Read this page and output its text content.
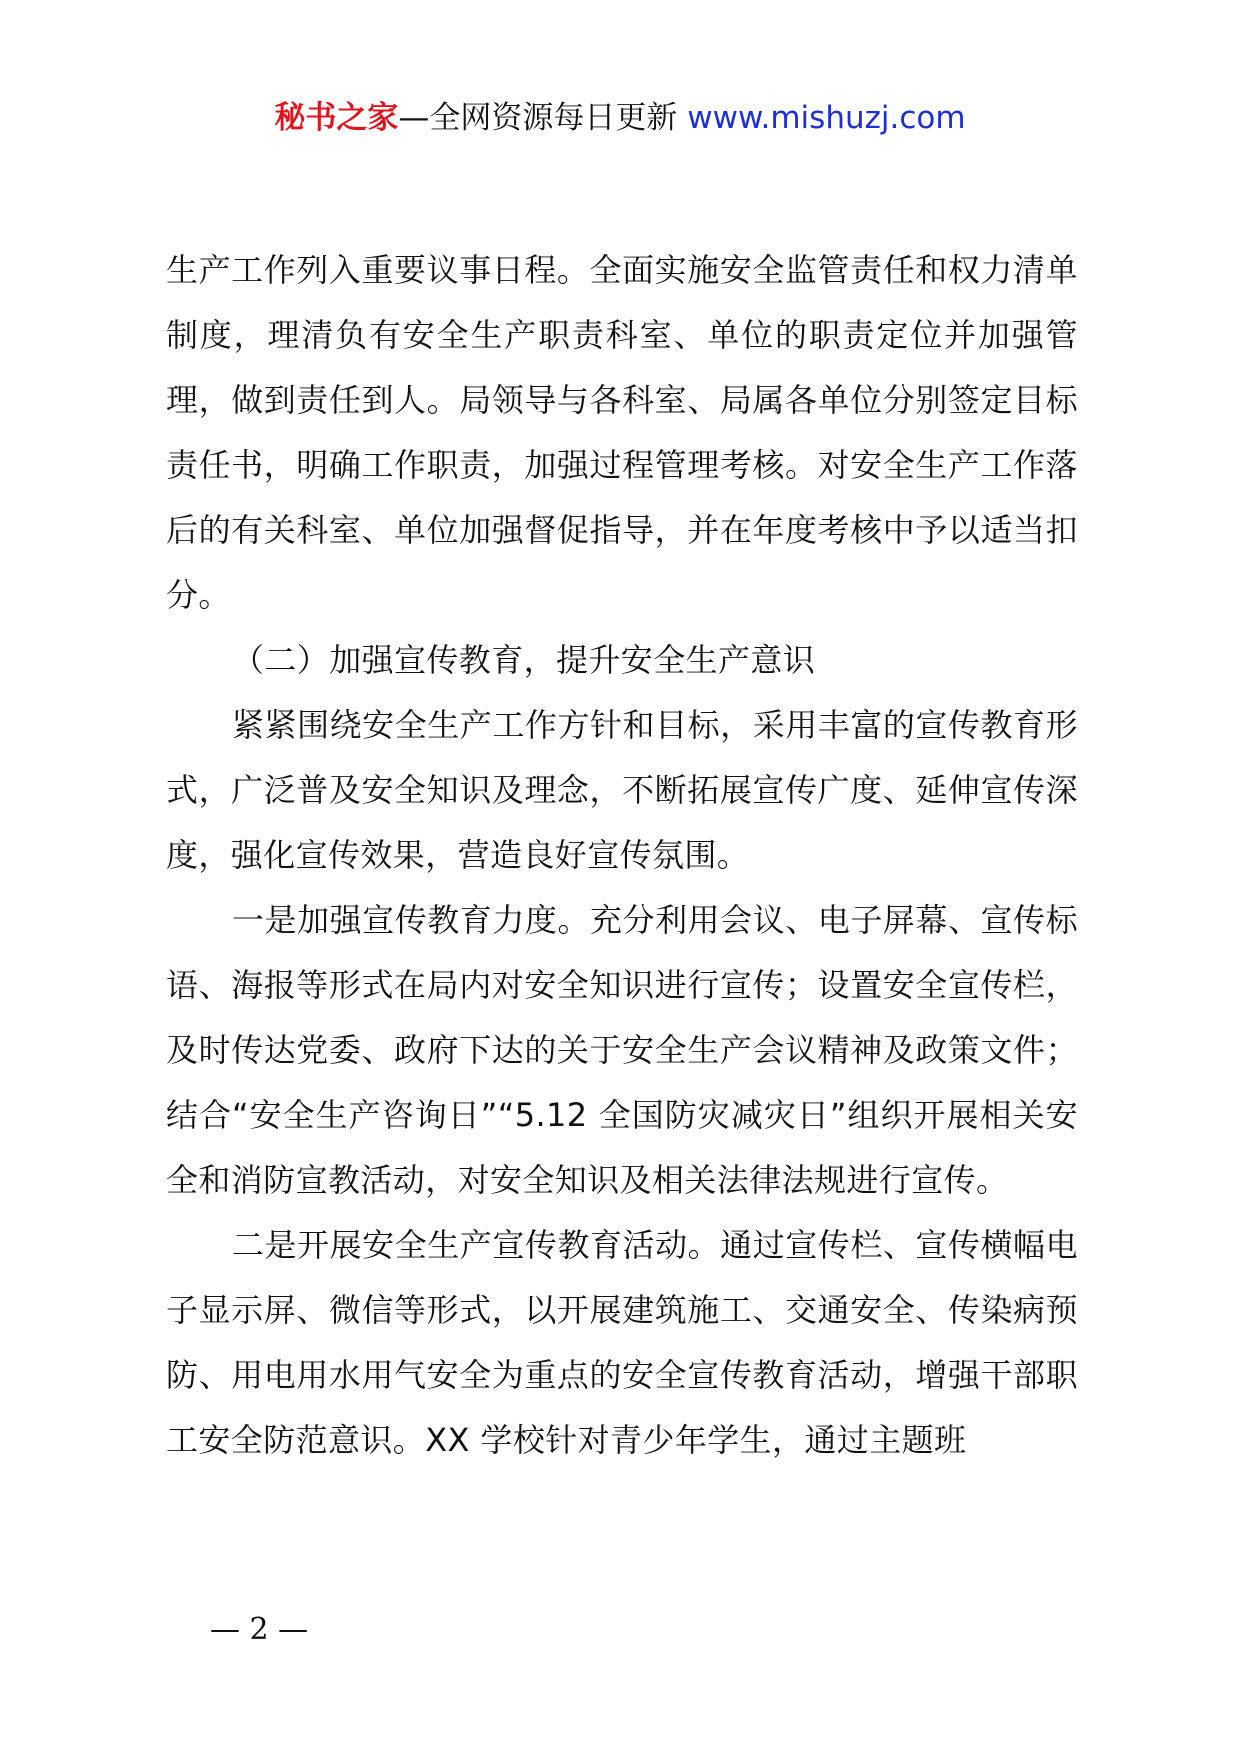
秘书之家—全网资源每日更新 www.mishuzj.com

生产工作列入重要议事日程。全面实施安全监管责任和权力清单制度，理清负有安全生产职责科室、单位的职责定位并加强管理，做到责任到人。局领导与各科室、局属各单位分别签定目标责任书，明确工作职责，加强过程管理考核。对安全生产工作落后的有关科室、单位加强督促指导，并在年度考核中予以适当扣分。

（二）加强宣传教育，提升安全生产意识

紧紧围绕安全生产工作方针和目标，采用丰富的宣传教育形式，广泛普及安全知识及理念，不断拓展宣传广度、延伸宣传深度，强化宣传效果，营造良好宣传氛围。

一是加强宣传教育力度。充分利用会议、电子屏幕、宣传标语、海报等形式在局内对安全知识进行宣传；设置安全宣传栏，及时传达党委、政府下达的关于安全生产会议精神及政策文件；结合“安全生产咨询日”“5.12 全国防灾减灾日”组织开展相关安全和消防宣教活动，对安全知识及相关法律法规进行宣传。

二是开展安全生产宣传教育活动。通过宣传栏、宣传横幅电子显示屏、微信等形式，以开展建筑施工、交通安全、传染病预防、用电用水用气安全为重点的安全宣传教育活动，增强干部职工安全防范意识。XX 学校针对青少年学生，通过主题班

— 2 —
